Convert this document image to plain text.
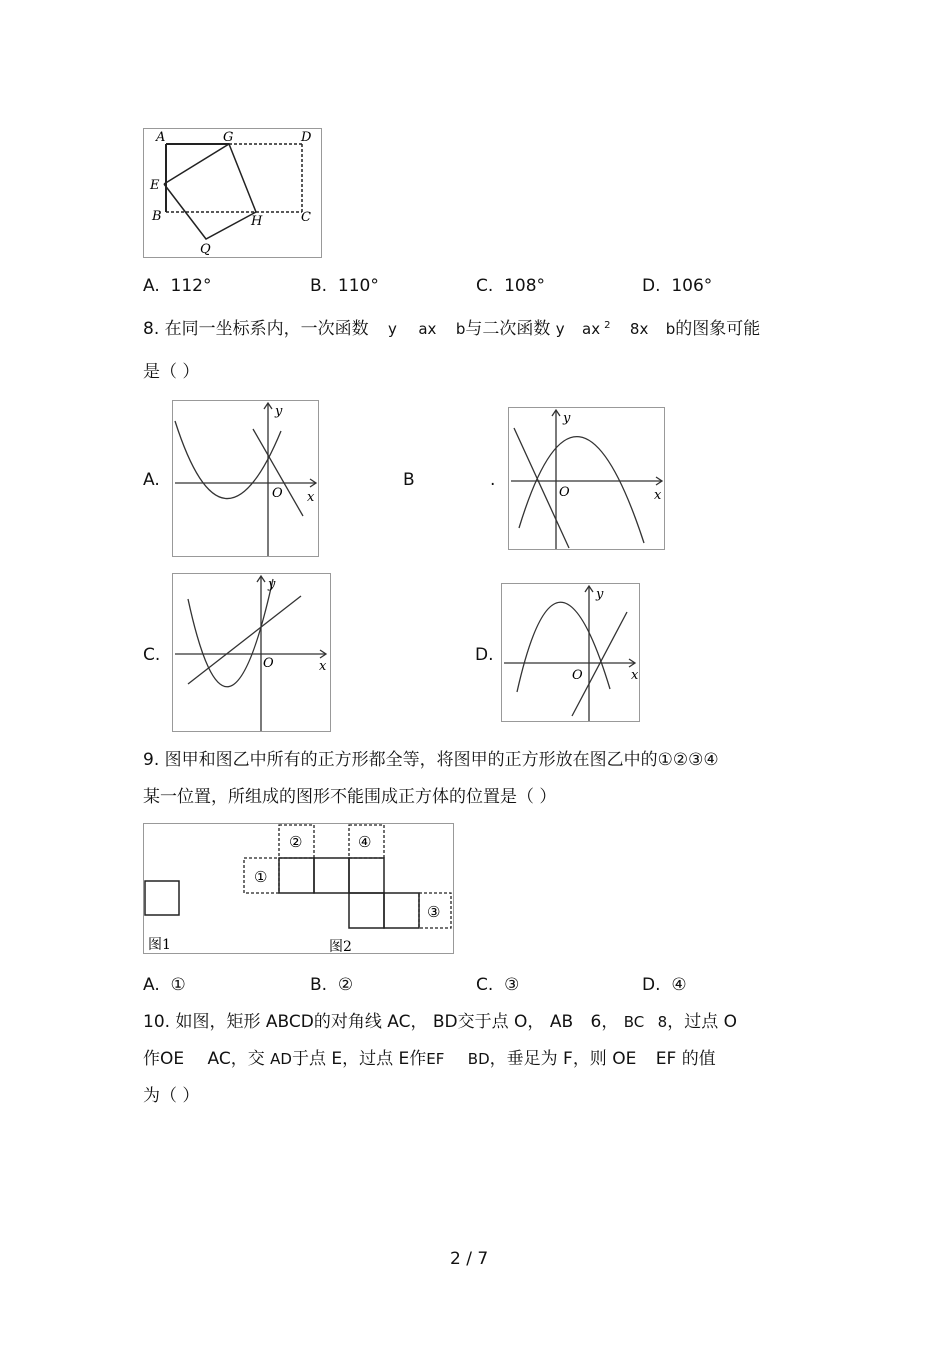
A	G	D
E
B	H	C
Q
A. 112°	B. 110°	C. 108°	D. 106°
8. 在同一坐标系内，一次函数 y ax b与二次函数 y ax $^2$ 8x b的图象可能
是（ ）
A.
y
x
O
B	.
y
x
O
C.
y
x
O	D.
y
x
O
9. 图甲和图乙中所有的正方形都全等，将图甲的正方形放在图乙中的①②③④
某一位置，所组成的图形不能围成正方体的位置是（ ）
①
②	④
③
图1	图2
A. ①	B. ②	C. ③	D. ④
10. 如图，矩形 ABCD的对角线 AC， BD交于点 O， AB 6， BC 8，过点 O
作OE AC，交 AD于点 E，过点 E作EF BD，垂足为 F，则 OE EF 的值
为（ ）
2 / 7
